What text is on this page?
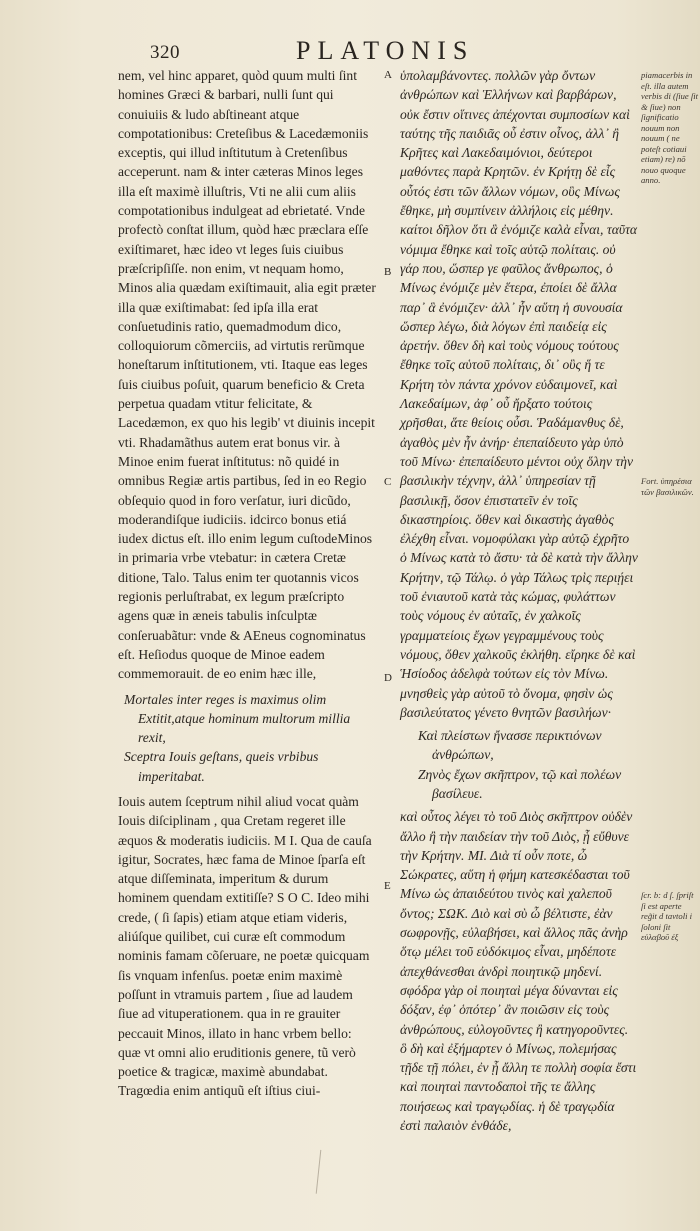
320	PLATONIS

nem, vel hinc apparet, quòd quum multi ſint homines Græci & barbari, nulli ſunt qui conuiuiis & ludo abſtineant atque compotationibus: Creteſibus & Lacedæmoniis exceptis, qui illud inſtitutum à Cretenſibus acceperunt. nam & inter cæteras Minos leges illa eſt maximè illuſtris, Vti ne alii cum aliis compotationibus indulgeat ad ebrietaté. Vnde profectò conſtat illum, quòd hæc præclara eſſe exiſtimaret, hæc ideo vt leges ſuis ciuibus præſcripſiſſe. non enim, vt nequam homo, Minos alia quædam exiſtimauit, alia egit præter illa quæ exiſtimabat: ſed ipſa illa erat conſuetudinis ratio, quemadmodum dico, colloquiorum cõmerciis, ad virtutis rerũmque honeſtarum inſtitutionem, vti. Itaque eas leges ſuis ciuibus poſuit, quarum beneficio & Creta perpetua quadam vtitur felicitate, & Lacedæmon, ex quo his legib' vt diuinis incepit vti. Rhadamãthus autem erat bonus vir. à Minoe enim fuerat inſtitutus: nõ quidé in omnibus Regiæ artis partibus, ſed in eo Regio obſequio quod in foro verſatur, iuri dicũdo, moderandiſque iudiciis. idcirco bonus etiá iudex dictus eſt. illo enim legum cuſtodeMinos in primaria vrbe vtebatur: in cætera Cretæ ditione, Talo. Talus enim ter quotannis vicos regionis perluſtrabat, ex legum præſcripto agens quæ in æneis tabulis inſculptæ conſeruabãtur: vnde & AEneus cognominatus eſt. Heſiodus quoque de Minoe eadem commemorauit. de eo enim hæc ille,

Mortales inter reges is maximus olim Extitit,atque hominum multorum millia rexit,
Sceptra Iouis geſtans, queis vrbibus imperitabat.

Iouis autem ſceptrum nihil aliud vocat quàm Iouis diſciplinam , qua Cretam regeret ille æquos & moderatis iudiciis. M I. Qua de cauſa igitur, Socrates, hæc fama de Minoe ſparſa eſt atque diſſeminata, imperitum & durum hominem quendam extitiſſe? S O C. Ideo mihi crede, ( ſi ſapis) etiam atque etiam videris, aliúſque quilibet, cui curæ eſt commodum nominis famam cõſeruare, ne poetæ quicquam ſis vnquam infenſus. poetæ enim maximè poſſunt in vtramuis partem , ſiue ad laudem ſiue ad vituperationem. qua in re grauiter peccauit Minos, illato in hanc vrbem bello: quæ vt omni alio eruditionis genere, tũ verò poetice & tragicæ, maximè abundabat. Tragœdia enim antiquũ eſt iſtius ciui-

A
B
C
D
E

ὑπολαμβάνοντες. πολλῶν γὰρ ὄντων ἀνθρώπων καὶ Ἑλλήνων καὶ βαρβάρων, οὐκ ἔστιν οἵτινες ἀπέχονται συμποσίων καὶ ταύτης τῆς παιδιᾶς οὗ ἐστιν οἶνος, ἀλλ᾽ ἢ Κρῆτες καὶ Λακεδαιμόνιοι, δεύτεροι μαθόντες παρὰ Κρητῶν. ἐν Κρήτῃ δὲ εἷς οὗτός ἐστι τῶν ἄλλων νόμων, οὓς Μίνως ἔθηκε, μὴ συμπίνειν ἀλλήλοις εἰς μέθην. καίτοι δῆλον ὅτι ἃ ἐνόμιζε καλὰ εἶναι, ταῦτα νόμιμα ἔθηκε καὶ τοῖς αὑτῷ πολίταις. οὐ γάρ που, ὥσπερ γε φαῦλος ἄνθρωπος, ὁ Μίνως ἐνόμιζε μὲν ἕτερα, ἐποίει δὲ ἄλλα παρ᾽ ἃ ἐνόμιζεν· ἀλλ᾽ ἦν αὕτη ἡ συνουσία ὥσπερ λέγω, διὰ λόγων ἐπὶ παιδείᾳ εἰς ἀρετήν. ὅθεν δὴ καὶ τοὺς νόμους τούτους ἔθηκε τοῖς αὑτοῦ πολίταις, δι᾽ οὓς ἥ τε Κρήτη τὸν πάντα χρόνον εὐδαιμονεῖ, καὶ Λακεδαίμων, ἀφ᾽ οὗ ἤρξατο τούτοις χρῆσθαι, ἅτε θείοις οὖσι. Ῥαδάμανθυς δὲ, ἀγαθὸς μὲν ἦν ἀνήρ· ἐπεπαίδευτο γὰρ ὑπὸ τοῦ Μίνω· ἐπεπαίδευτο μέντοι οὐχ ὅλην τὴν βασιλικὴν τέχνην, ἀλλ᾽ ὑπηρεσίαν τῇ βασιλικῇ, ὅσον ἐπιστατεῖν ἐν τοῖς δικαστηρίοις. ὅθεν καὶ δικαστὴς ἀγαθὸς ἐλέχθη εἶναι. νομοφύλακι γὰρ αὐτῷ ἐχρῆτο ὁ Μίνως κατὰ τὸ ἄστυ· τὰ δὲ κατὰ τὴν ἄλλην Κρήτην, τῷ Τάλῳ. ὁ γὰρ Τάλως τρὶς περιῄει τοῦ ἐνιαυτοῦ κατὰ τὰς κώμας, φυλάττων τοὺς νόμους ἐν αὐταῖς, ἐν χαλκοῖς γραμματείοις ἔχων γεγραμμένους τοὺς νόμους, ὅθεν χαλκοῦς ἐκλήθη. εἴρηκε δὲ καὶ Ἡσίοδος ἀδελφὰ τούτων εἰς τὸν Μίνω. μνησθεὶς γὰρ αὐτοῦ τὸ ὄνομα, φησὶν ὡς βασιλεύτατος γένετο θνητῶν βασιλήων·

Καὶ πλείστων ἤνασσε περικτιόνων ἀνθρώπων,
Ζηνὸς ἔχων σκῆπτρον, τῷ καὶ πολέων βασίλευε.

καὶ οὗτος λέγει τὸ τοῦ Διὸς σκῆπτρον οὐδὲν ἄλλο ἢ τὴν παιδείαν τὴν τοῦ Διὸς, ᾗ εὔθυνε τὴν Κρήτην. ΜΙ. Διὰ τί οὖν ποτε, ὦ Σώκρατες, αὕτη ἡ φήμη κατεσκέδασται τοῦ Μίνω ὡς ἀπαιδεύτου τινὸς καὶ χαλεποῦ ὄντος; ΣΩΚ. Διὸ καὶ σὺ ὦ βέλτιστε, ἐὰν σωφρονῇς, εὐλαβήσει, καὶ ἄλλος πᾶς ἀνὴρ ὅτῳ μέλει τοῦ εὐδόκιμος εἶναι, μηδέποτε ἀπεχθάνεσθαι ἀνδρὶ ποιητικῷ μηδενί. σφόδρα γὰρ οἱ ποιηταὶ μέγα δύνανται εἰς δόξαν, ἐφ᾽ ὁπότερ᾽ ἂν ποιῶσιν εἰς τοὺς ἀνθρώπους, εὐλογοῦντες ἢ κατηγοροῦντες. ὃ δὴ καὶ ἐξήμαρτεν ὁ Μίνως, πολεμήσας τῇδε τῇ πόλει, ἐν ᾗ ἄλλη τε πολλὴ σοφία ἔστι καὶ ποιηταὶ παντοδαποὶ τῆς τε ἄλλης ποιήσεως καὶ τραγῳδίας. ἡ δὲ τραγῳδία ἐστὶ παλαιὸν ἐνθάδε,

piamacerbis in eſt. illa autem verbis di (ſiue ſit & ſiue) non ſignificatio nouum non nouum ( ne poteſt cotiaui etiam) re) nō nouo quoque anno.
Fort. ὑπηρέσια τῶν βασιλικῶν.
ſcr. b: d ſ. ſpriſt ſi est aperte reg̃it d tavtoli i ſoloni ſit εὐλαβοῦ ἐξ
